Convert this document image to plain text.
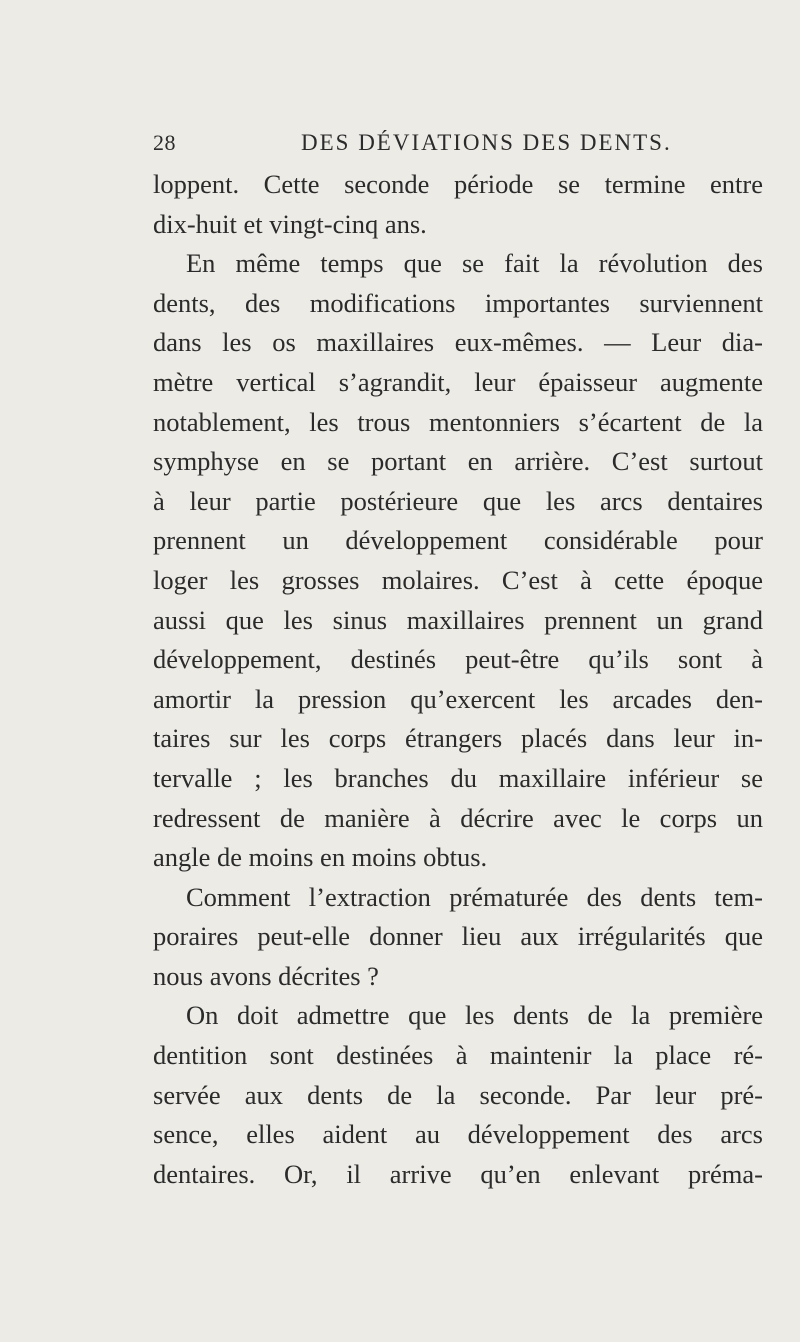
28	DES DÉVIATIONS DES DENTS.
loppent. Cette seconde période se termine entre
dix-huit et vingt-cinq ans.
En même temps que se fait la révolution des
dents, des modifications importantes surviennent
dans les os maxillaires eux-mêmes. — Leur dia-
mètre vertical s’agrandit, leur épaisseur augmente
notablement, les trous mentonniers s’écartent de la
symphyse en se portant en arrière. C’est surtout
à leur partie postérieure que les arcs dentaires
prennent un développement considérable pour
loger les grosses molaires. C’est à cette époque
aussi que les sinus maxillaires prennent un grand
développement, destinés peut-être qu’ils sont à
amortir la pression qu’exercent les arcades den-
taires sur les corps étrangers placés dans leur in-
tervalle ; les branches du maxillaire inférieur se
redressent de manière à décrire avec le corps un
angle de moins en moins obtus.
Comment l’extraction prématurée des dents tem-
poraires peut-elle donner lieu aux irrégularités que
nous avons décrites ?
On doit admettre que les dents de la première
dentition sont destinées à maintenir la place ré-
servée aux dents de la seconde. Par leur pré-
sence, elles aident au développement des arcs
dentaires. Or, il arrive qu’en enlevant préma-
